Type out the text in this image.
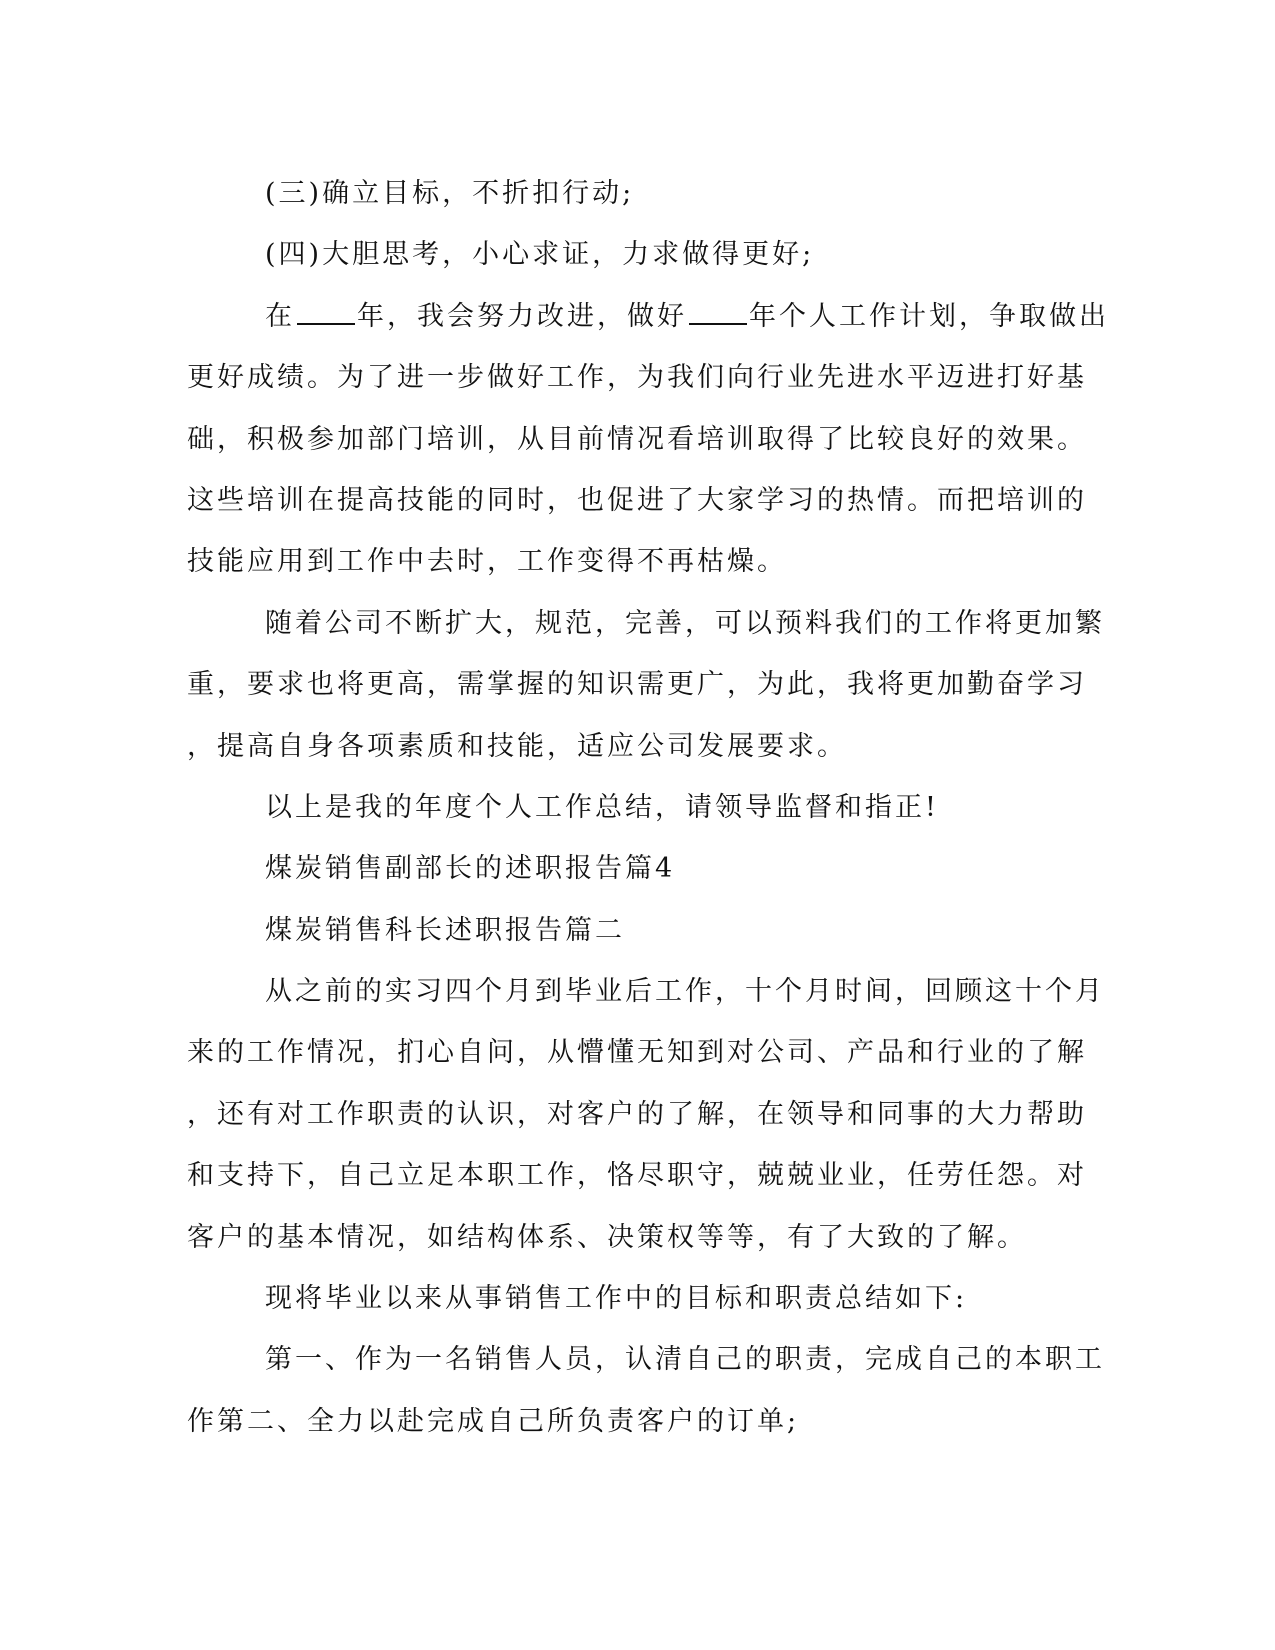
(三)确立目标，不折扣行动;

(四)大胆思考，小心求证，力求做得更好;

在 年，我会努力改进，做好 年个人工作计划，争取做出

更好成绩。为了进一步做好工作，为我们向行业先进水平迈进打好基

础，积极参加部门培训，从目前情况看培训取得了比较良好的效果。

这些培训在提高技能的同时，也促进了大家学习的热情。而把培训的

技能应用到工作中去时，工作变得不再枯燥。

随着公司不断扩大，规范，完善，可以预料我们的工作将更加繁

重，要求也将更高，需掌握的知识需更广，为此，我将更加勤奋学习

，提高自身各项素质和技能，适应公司发展要求。

以上是我的年度个人工作总结，请领导监督和指正!

煤炭销售副部长的述职报告篇4

煤炭销售科长述职报告篇二

从之前的实习四个月到毕业后工作，十个月时间，回顾这十个月

来的工作情况，扪心自问，从懵懂无知到对公司、产品和行业的了解

，还有对工作职责的认识，对客户的了解，在领导和同事的大力帮助

和支持下，自己立足本职工作，恪尽职守，兢兢业业，任劳任怨。对

客户的基本情况，如结构体系、决策权等等，有了大致的了解。

现将毕业以来从事销售工作中的目标和职责总结如下:

第一、作为一名销售人员，认清自己的职责，完成自己的本职工

作第二、全力以赴完成自己所负责客户的订单;
